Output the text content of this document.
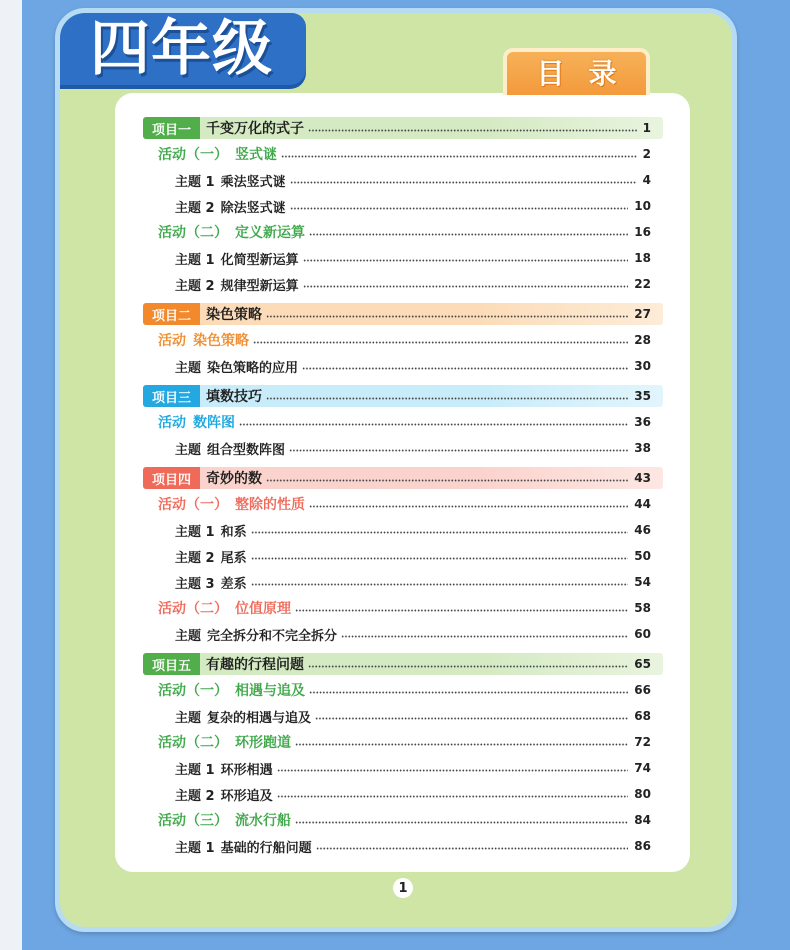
四年级	目录
项目一	千变万化的式子	1
活动（一） 竖式谜	2
主题 1 乘法竖式谜	4
主题 2 除法竖式谜	10
活动（二） 定义新运算	16
主题 1 化简型新运算	18
主题 2 规律型新运算	22
项目二	染色策略	27
活动 染色策略	28
主题 染色策略的应用	30
项目三	填数技巧	35
活动 数阵图	36
主题 组合型数阵图	38
项目四	奇妙的数	43
活动（一） 整除的性质	44
主题 1 和系	46
主题 2 尾系	50
主题 3 差系	54
活动（二） 位值原理	58
主题 完全拆分和不完全拆分	60
项目五	有趣的行程问题	65
活动（一） 相遇与追及	66
主题 复杂的相遇与追及	68
活动（二） 环形跑道	72
主题 1 环形相遇	74
主题 2 环形追及	80
活动（三） 流水行船	84
主题 1 基础的行船问题	86
1
